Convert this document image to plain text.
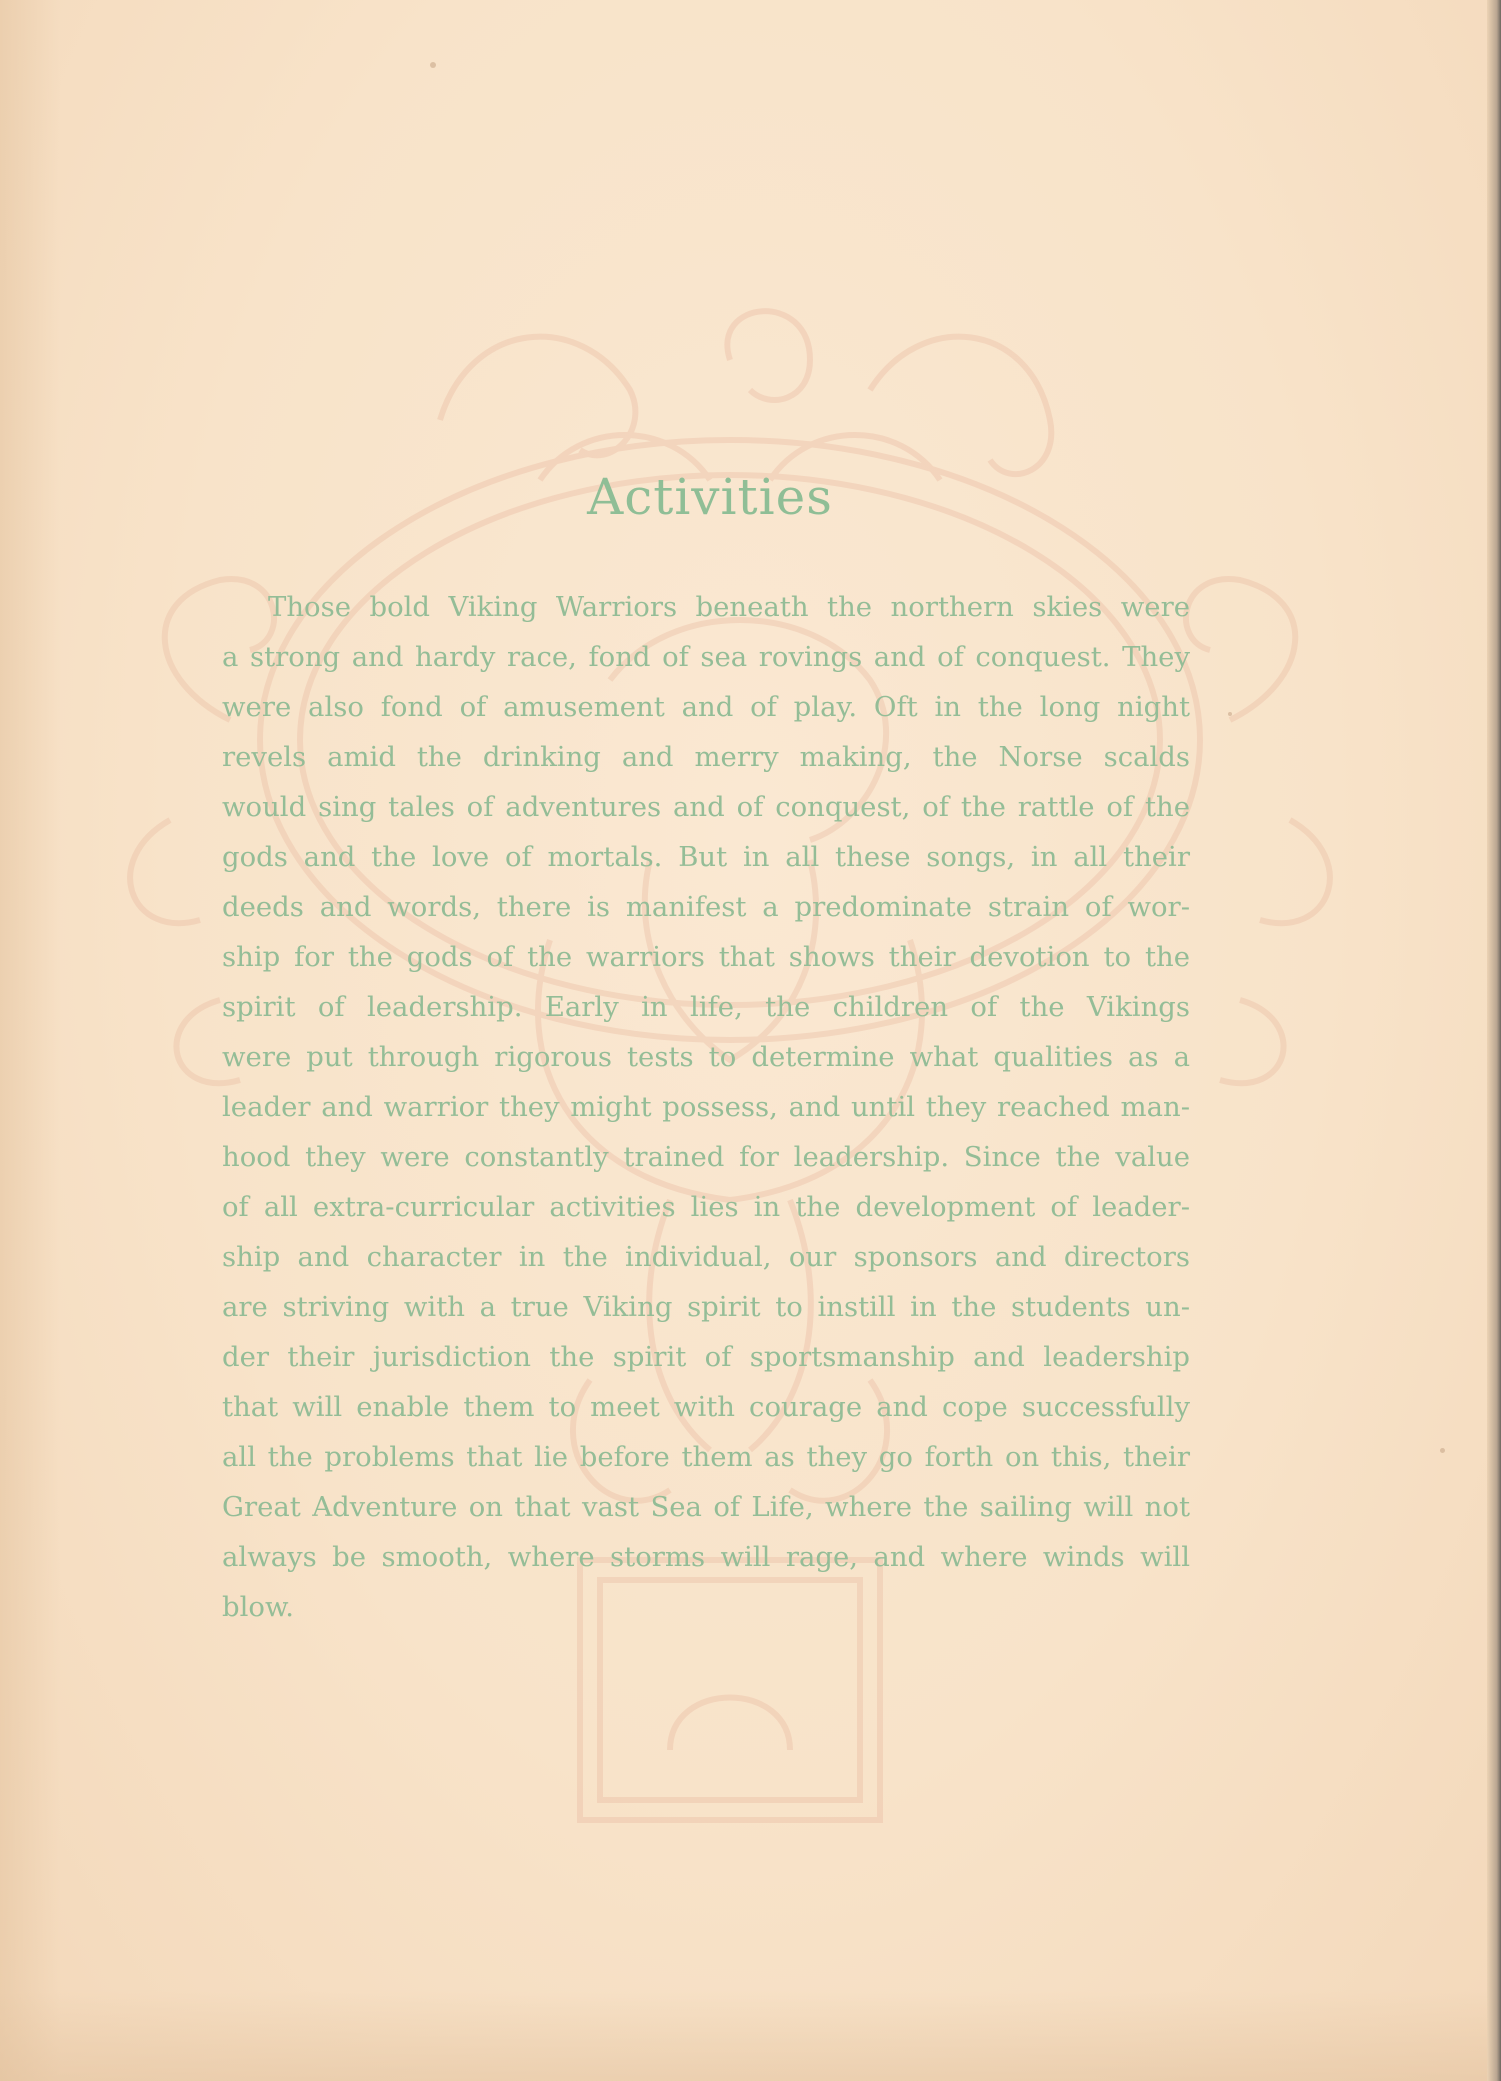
Activities
Those bold Viking Warriors beneath the northern skies were
a strong and hardy race, fond of sea rovings and of conquest. They
were also fond of amusement and of play. Oft in the long night
revels amid the drinking and merry making, the Norse scalds
would sing tales of adventures and of conquest, of the rattle of the
gods and the love of mortals. But in all these songs, in all their
deeds and words, there is manifest a predominate strain of wor-
ship for the gods of the warriors that shows their devotion to the
spirit of leadership. Early in life, the children of the Vikings
were put through rigorous tests to determine what qualities as a
leader and warrior they might possess, and until they reached man-
hood they were constantly trained for leadership. Since the value
of all extra-curricular activities lies in the development of leader-
ship and character in the individual, our sponsors and directors
are striving with a true Viking spirit to instill in the students un-
der their jurisdiction the spirit of sportsmanship and leadership
that will enable them to meet with courage and cope successfully
all the problems that lie before them as they go forth on this, their
Great Adventure on that vast Sea of Life, where the sailing will not
always be smooth, where storms will rage, and where winds will
blow.
